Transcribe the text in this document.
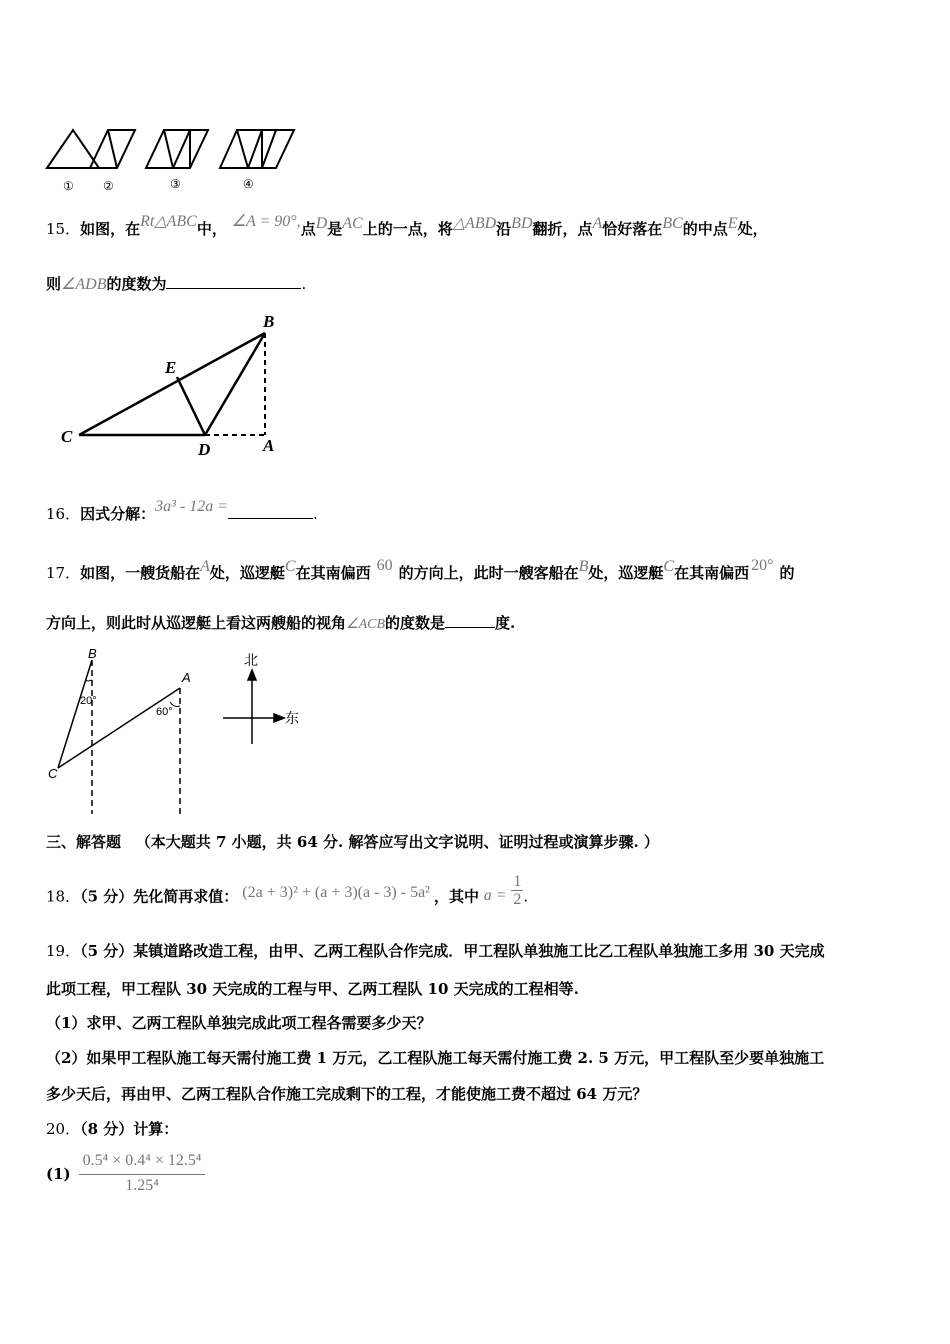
① ②	③	④
15．如图，在Rt△ABC中， ∠A = 90°,点D是AC上的一点，将△ABD沿BD翻折，点A恰好落在BC的中点E处，
则∠ADB的度数为	.
B
E
C
D	A
16．因式分解：3a³ - 12a =	.
17．如图，一艘货船在A处，巡逻艇C在其南偏西 60 的方向上，此时一艘客船在B处，巡逻艇C在其南偏西 20° 的
方向上，则此时从巡逻艇上看这两艘船的视角∠ACB的度数是	度.
B
A
C
20°
60°
北
东
三、解答题 （本大题共 7 小题，共 64 分. 解答应写出文字说明、证明过程或演算步骤. ）
18．（5 分）先化简再求值： (2a + 3)² + (a + 3)(a - 3) - 5a² ，其中 $a = \frac{1}{2}$ .
19．（5 分）某镇道路改造工程，由甲、乙两工程队合作完成．甲工程队单独施工比乙工程队单独施工多用 30 天完成
此项工程，甲工程队 30 天完成的工程与甲、乙两工程队 10 天完成的工程相等.
（1）求甲、乙两工程队单独完成此项工程各需要多少天？
（2）如果甲工程队施工每天需付施工费 1 万元，乙工程队施工每天需付施工费 2. 5 万元，甲工程队至少要单独施工
多少天后，再由甲、乙两工程队合作施工完成剩下的工程，才能使施工费不超过 64 万元？
20．（8 分）计算：
(1)
0.5⁴ × 0.4⁴ × 12.5⁴
1.25⁴
